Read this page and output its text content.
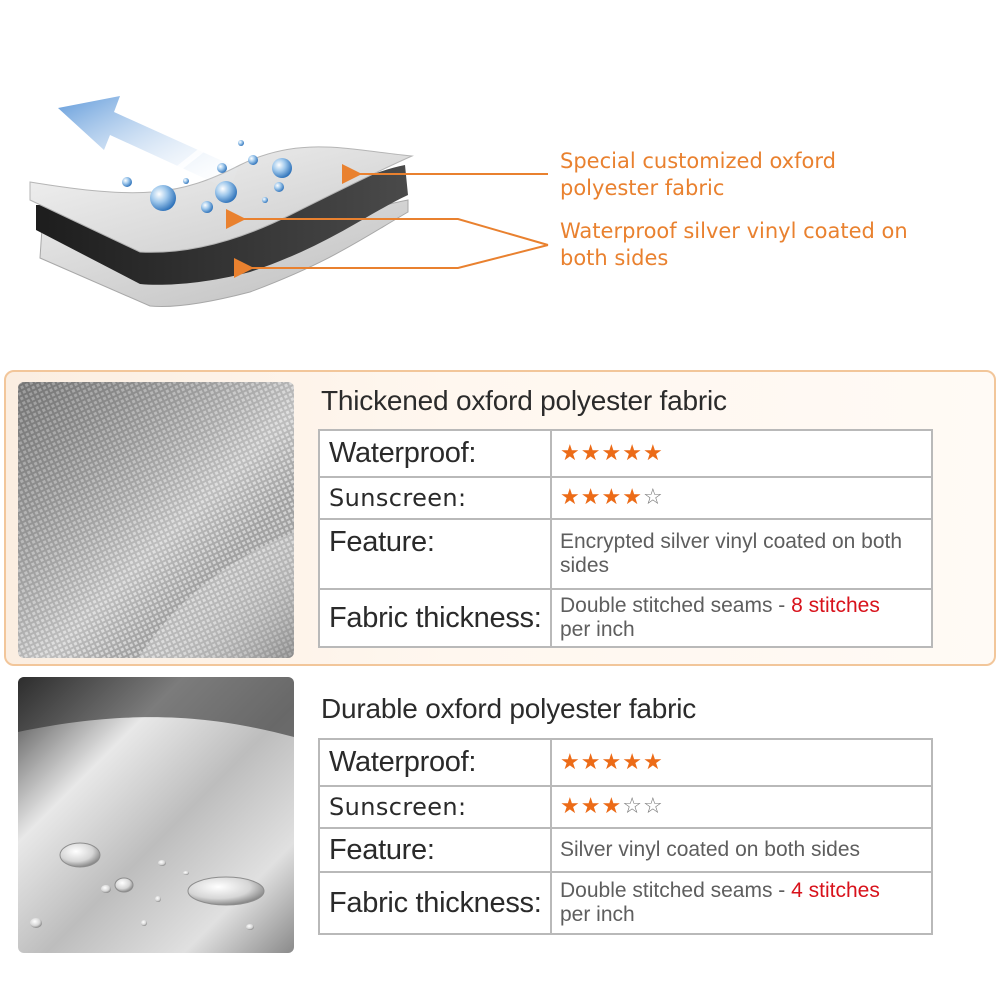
Special customized oxford polyester fabric
Waterproof silver vinyl coated on both sides
Thickened oxford polyester fabric
Waterproof:	★★★★★
Sunscreen:	★★★★☆
Feature:	Encrypted silver vinyl coated on both sides
Fabric thickness:	Double stitched seams - 8 stitches
per inch
Durable oxford polyester fabric
Waterproof:	★★★★★
Sunscreen:	★★★☆☆
Feature:	Silver vinyl coated on both sides
Fabric thickness:	Double stitched seams - 4 stitches
per inch
